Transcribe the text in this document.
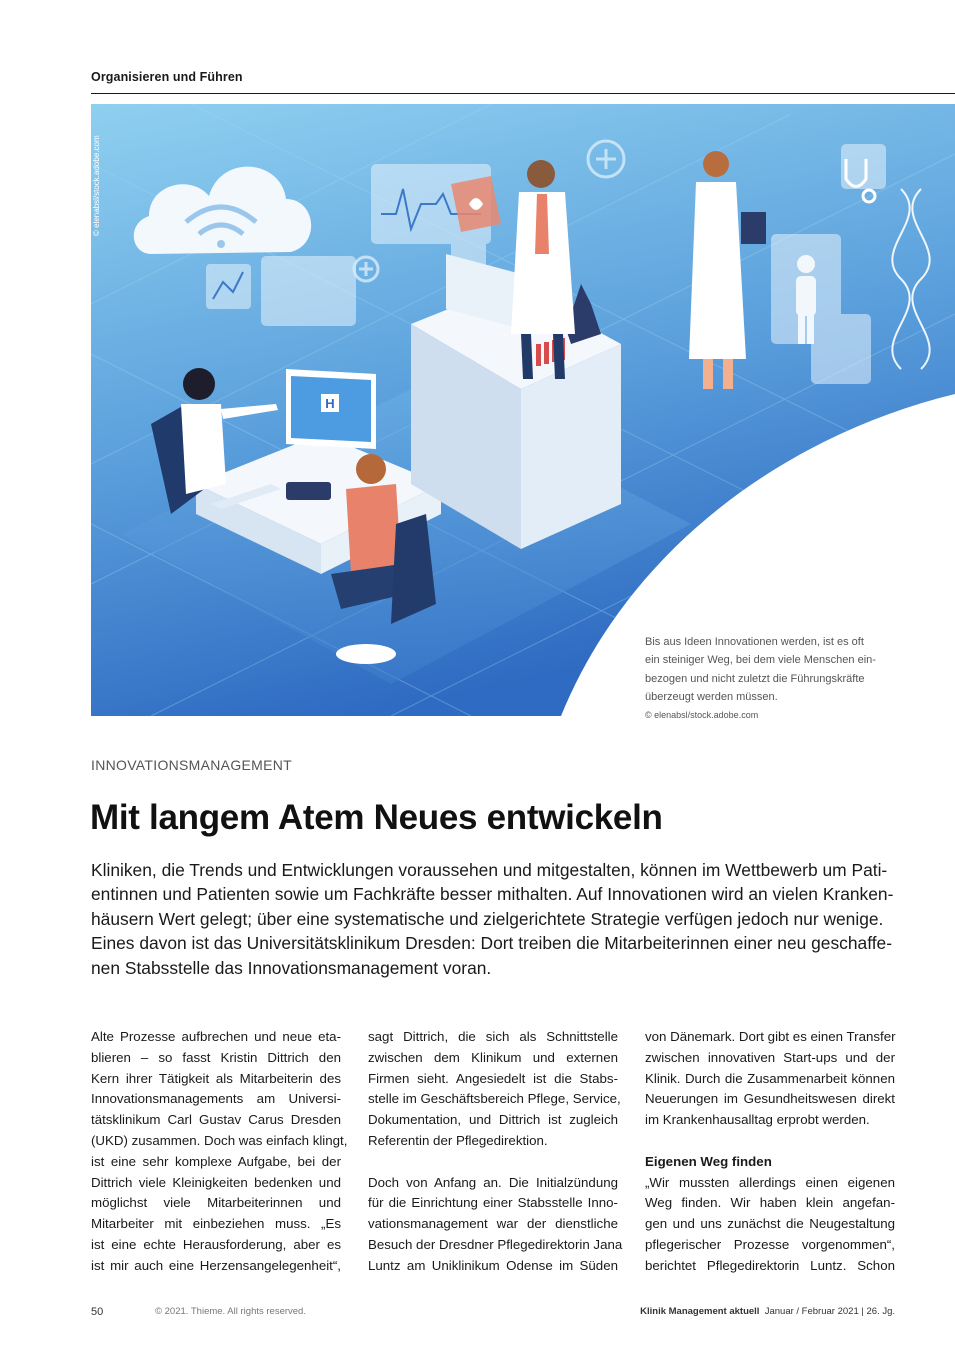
Organisieren und Führen
H
© elenabsl/stock.adobe.com
Bis aus Ideen Innovationen werden, ist es oft
ein steiniger Weg, bei dem viele Menschen ein-
bezogen und nicht zuletzt die Führungskräfte
überzeugt werden müssen.
© elenabsl/stock.adobe.com
INNOVATIONSMANAGEMENT
Mit langem Atem Neues entwickeln
Kliniken, die Trends und Entwicklungen voraussehen und mitgestalten, können im Wettbewerb um Pati-
entinnen und Patienten sowie um Fachkräfte besser mithalten. Auf Innovationen wird an vielen Kranken-
häusern Wert gelegt; über eine systematische und zielgerichtete Strategie verfügen jedoch nur wenige.
Eines davon ist das Universitätsklinikum Dresden: Dort treiben die Mitarbeiterinnen einer neu geschaffe-
nen Stabsstelle das Innovationsmanagement voran.
Alte Prozesse aufbrechen und neue eta-
blieren – so fasst Kristin Dittrich den
Kern ihrer Tätigkeit als Mitarbeiterin des
Innovationsmanagements am Universi-
tätsklinikum Carl Gustav Carus Dresden
(UKD) zusammen. Doch was einfach klingt,
ist eine sehr komplexe Aufgabe, bei der
Dittrich viele Kleinigkeiten bedenken und
möglichst viele Mitarbeiterinnen und
Mitarbeiter mit einbeziehen muss. „Es
ist eine echte Herausforderung, aber es
ist mir auch eine Herzensangelegenheit“,
sagt Dittrich, die sich als Schnittstelle
zwischen dem Klinikum und externen
Firmen sieht. Angesiedelt ist die Stabs-
stelle im Geschäftsbereich Pflege, Service,
Dokumentation, und Dittrich ist zugleich
Referentin der Pflegedirektion.
Doch von Anfang an. Die Initialzündung
für die Einrichtung einer Stabsstelle Inno-
vationsmanagement war der dienstliche
Besuch der Dresdner Pflegedirektorin Jana
Luntz am Uniklinikum Odense im Süden
von Dänemark. Dort gibt es einen Transfer
zwischen innovativen Start-ups und der
Klinik. Durch die Zusammenarbeit können
Neuerungen im Gesundheitswesen direkt
im Krankenhausalltag erprobt werden.
Eigenen Weg finden
„Wir mussten allerdings einen eigenen
Weg finden. Wir haben klein angefan-
gen und uns zunächst die Neugestaltung
pflegerischer Prozesse vorgenommen“,
berichtet Pflegedirektorin Luntz. Schon
50	© 2021. Thieme. All rights reserved.	Klinik Management aktuell Januar / Februar 2021 | 26. Jg.
